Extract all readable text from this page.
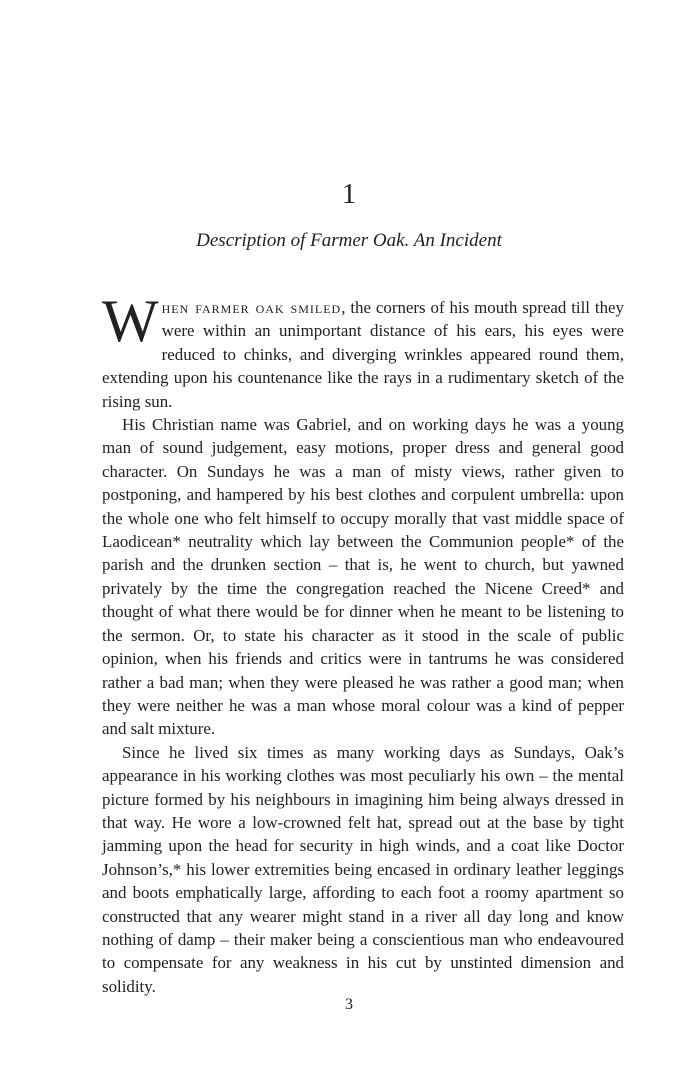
1
Description of Farmer Oak. An Incident

When farmer oak smiled, the corners of his mouth spread till they were within an unimportant distance of his ears, his eyes were reduced to chinks, and diverging wrinkles appeared round them, extending upon his countenance like the rays in a rudimentary sketch of the rising sun.

His Christian name was Gabriel, and on working days he was a young man of sound judgement, easy motions, proper dress and general good character. On Sundays he was a man of misty views, rather given to postponing, and hampered by his best clothes and corpulent umbrella: upon the whole one who felt himself to occupy morally that vast middle space of Laodicean* neutrality which lay between the Communion people* of the parish and the drunken section – that is, he went to church, but yawned privately by the time the congregation reached the Nicene Creed* and thought of what there would be for dinner when he meant to be listening to the sermon. Or, to state his character as it stood in the scale of public opinion, when his friends and critics were in tantrums he was considered rather a bad man; when they were pleased he was rather a good man; when they were neither he was a man whose moral colour was a kind of pepper and salt mixture.

Since he lived six times as many working days as Sundays, Oak’s appearance in his working clothes was most peculiarly his own – the mental picture formed by his neighbours in imagining him being always dressed in that way. He wore a low-crowned felt hat, spread out at the base by tight jamming upon the head for security in high winds, and a coat like Doctor Johnson’s,* his lower extremities being encased in ordinary leather leggings and boots emphatically large, affording to each foot a roomy apartment so constructed that any wearer might stand in a river all day long and know nothing of damp – their maker being a conscientious man who endeavoured to compensate for any weakness in his cut by unstinted dimension and solidity.

3
